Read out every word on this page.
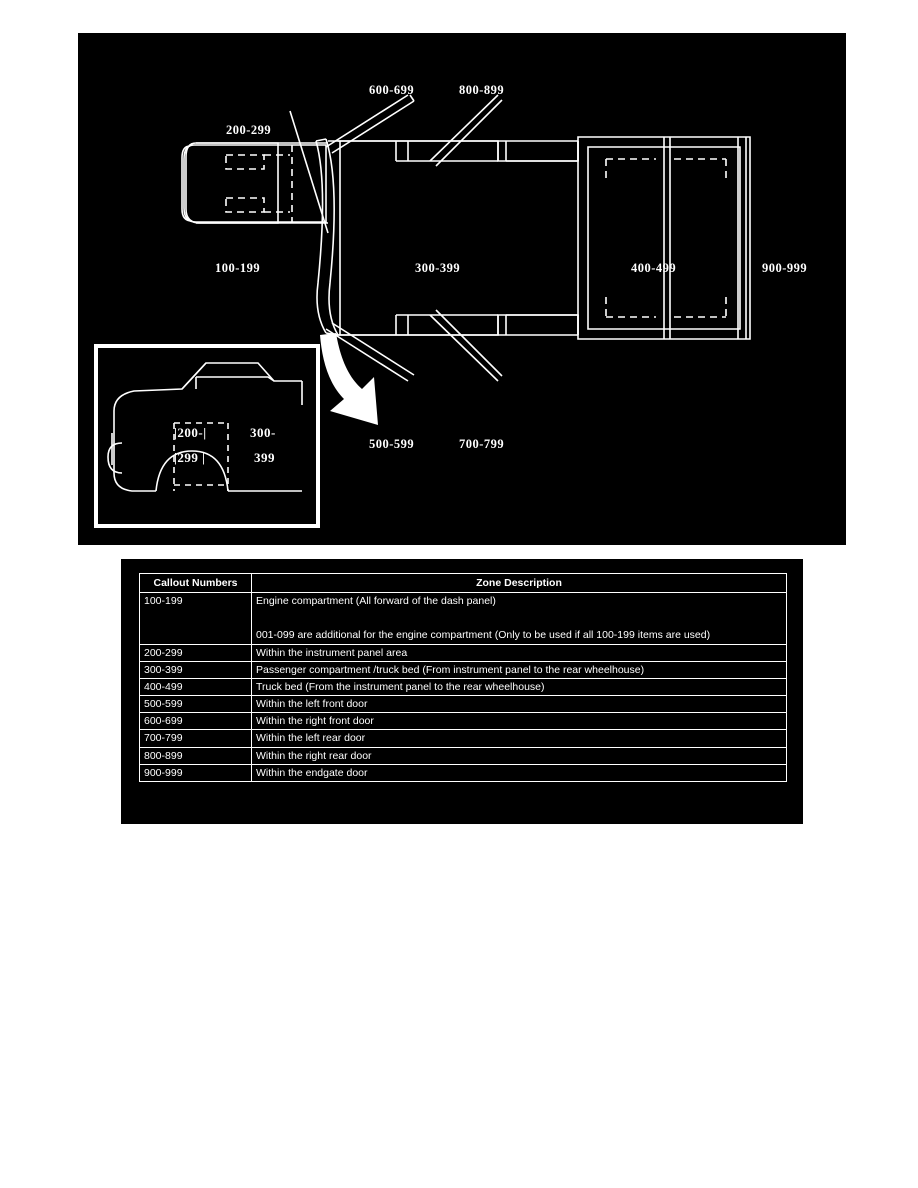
600-699	800-899
200-299
100-199	300-399	400-499	900-999
500-599	700-799
|200-|	300-
|299 |	399
Callout Numbers	Zone Description
100-199	Engine compartment (All forward of the dash panel)
001-099 are additional for the engine compartment (Only to be used if all 100-199 items are used)

200-299	Within the instrument panel area
300-399	Passenger compartment /truck bed (From instrument panel to the rear wheelhouse)
400-499	Truck bed (From the instrument panel to the rear wheelhouse)
500-599	Within the left front door
600-699	Within the right front door
700-799	Within the left rear door
800-899	Within the right rear door
900-999	Within the endgate door
